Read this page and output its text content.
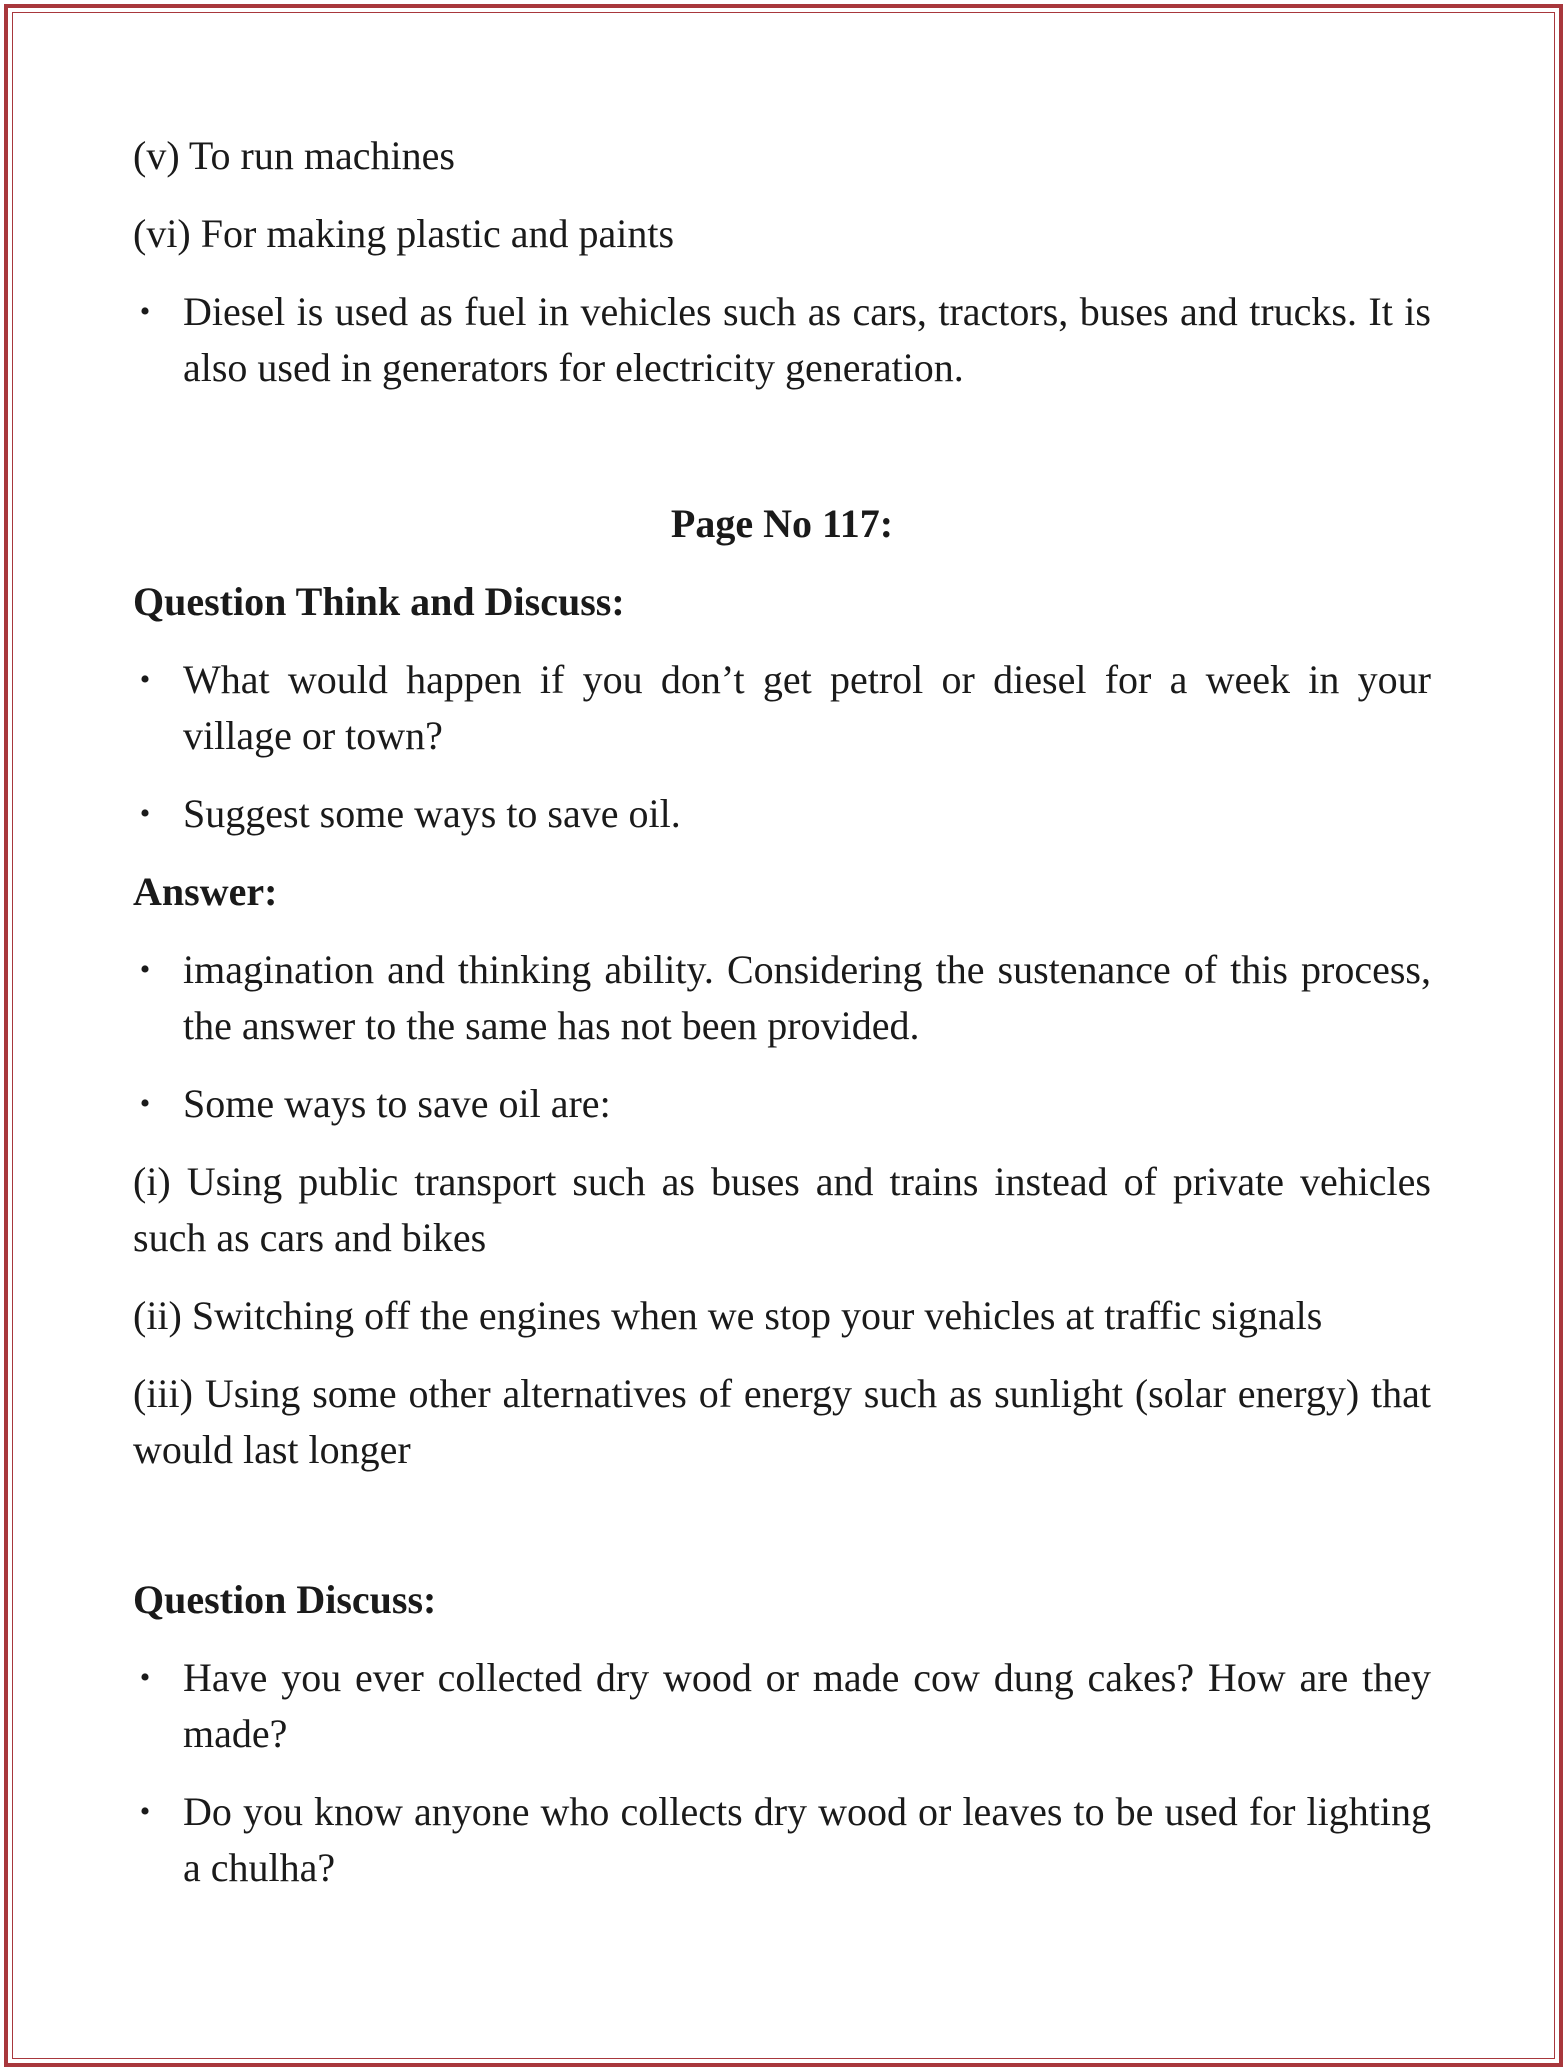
(v) To run machines

(vi) For making plastic and paints

• Diesel is used as fuel in vehicles such as cars, tractors, buses and trucks. It is also used in generators for electricity generation.

Page No 117:

Question Think and Discuss:

• What would happen if you don’t get petrol or diesel for a week in your village or town?
• Suggest some ways to save oil.

Answer:

• imagination and thinking ability. Considering the sustenance of this process, the answer to the same has not been provided.
• Some ways to save oil are:

(i) Using public transport such as buses and trains instead of private vehicles such as cars and bikes

(ii) Switching off the engines when we stop your vehicles at traffic signals

(iii) Using some other alternatives of energy such as sunlight (solar energy) that would last longer

Question Discuss:

• Have you ever collected dry wood or made cow dung cakes? How are they made?
• Do you know anyone who collects dry wood or leaves to be used for lighting a chulha?
